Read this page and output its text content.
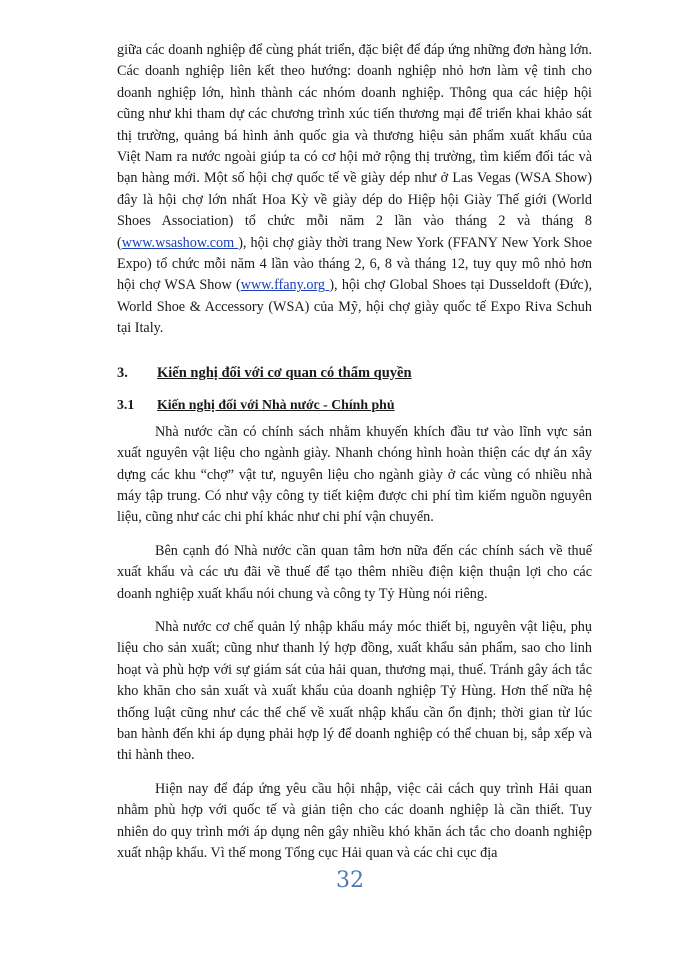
giữa các doanh nghiệp để cùng phát triển, đặc biệt để đáp ứng những đơn hàng lớn. Các doanh nghiệp liên kết theo hướng: doanh nghiệp nhỏ hơn làm vệ tinh cho doanh nghiệp lớn, hình thành các nhóm doanh nghiệp. Thông qua các hiệp hội cũng như khi tham dự các chương trình xúc tiến thương mại để triển khai khảo sát thị trường, quảng bá hình ảnh quốc gia và thương hiệu sản phẩm xuất khẩu của Việt Nam ra nước ngoài giúp ta có cơ hội mở rộng thị trường, tìm kiếm đối tác và bạn hàng mới. Một số hội chợ quốc tế về giày dép như ở Las Vegas (WSA Show) đây là hội chợ lớn nhất Hoa Kỳ về giày dép do Hiệp hội Giày Thế giới (World Shoes Association) tổ chức mỗi năm 2 lần vào tháng 2 và tháng 8 (www.wsashow.com ), hội chợ giày thời trang New York (FFANY New York Shoe Expo) tổ chức mỗi năm 4 lần vào tháng 2, 6, 8 và tháng 12, tuy quy mô nhỏ hơn hội chợ WSA Show (www.ffany.org ), hội chợ Global Shoes tại Dusseldoft (Đức), World Shoe & Accessory (WSA) của Mỹ, hội chợ giày quốc tế Expo Riva Schuh tại Italy.

3.	Kiến nghị đối với cơ quan có thẩm quyền
3.1	Kiến nghị đối với Nhà nước - Chính phủ

Nhà nước cần có chính sách nhằm khuyến khích đầu tư vào lĩnh vực sản xuất nguyên vật liệu cho ngành giày. Nhanh chóng hình hoàn thiện các dự án xây dựng các khu “chợ” vật tư, nguyên liệu cho ngành giày ở các vùng có nhiều nhà máy tập trung. Có như vậy công ty tiết kiệm được chi phí tìm kiếm nguồn nguyên liệu, cũng như các chi phí khác như chi phí vận chuyển.

Bên cạnh đó Nhà nước cần quan tâm hơn nữa đến các chính sách về thuế xuất khẩu và các ưu đãi về thuế để tạo thêm nhiều điện kiện thuận lợi cho các doanh nghiệp xuất khẩu nói chung và công ty Tỷ Hùng nói riêng.

Nhà nước cơ chế quản lý nhập khẩu máy móc thiết bị, nguyên vật liệu, phụ liệu cho sản xuất; cũng như thanh lý hợp đồng, xuất khẩu sản phẩm, sao cho linh hoạt và phù hợp với sự giám sát của hải quan, thương mại, thuế. Tránh gây ách tắc kho khăn cho sản xuất và xuất khẩu của doanh nghiệp Tỷ Hùng. Hơn thế nữa hệ thống luật cũng như các thể chế về xuất nhập khẩu cần ổn định; thời gian từ lúc ban hành đến khi áp dụng phải hợp lý để doanh nghiệp có thể chuan bị, sắp xếp và thi hành theo.

Hiện nay để đáp ứng yêu cầu hội nhập, việc cải cách quy trình Hải quan nhằm phù hợp với quốc tế và giản tiện cho các doanh nghiệp là cần thiết. Tuy nhiên do quy trình mới áp dụng nên gây nhiều khó khăn ách tắc cho doanh nghiệp xuất nhập khẩu. Vì thế mong Tổng cục Hải quan và các chi cục địa

32
